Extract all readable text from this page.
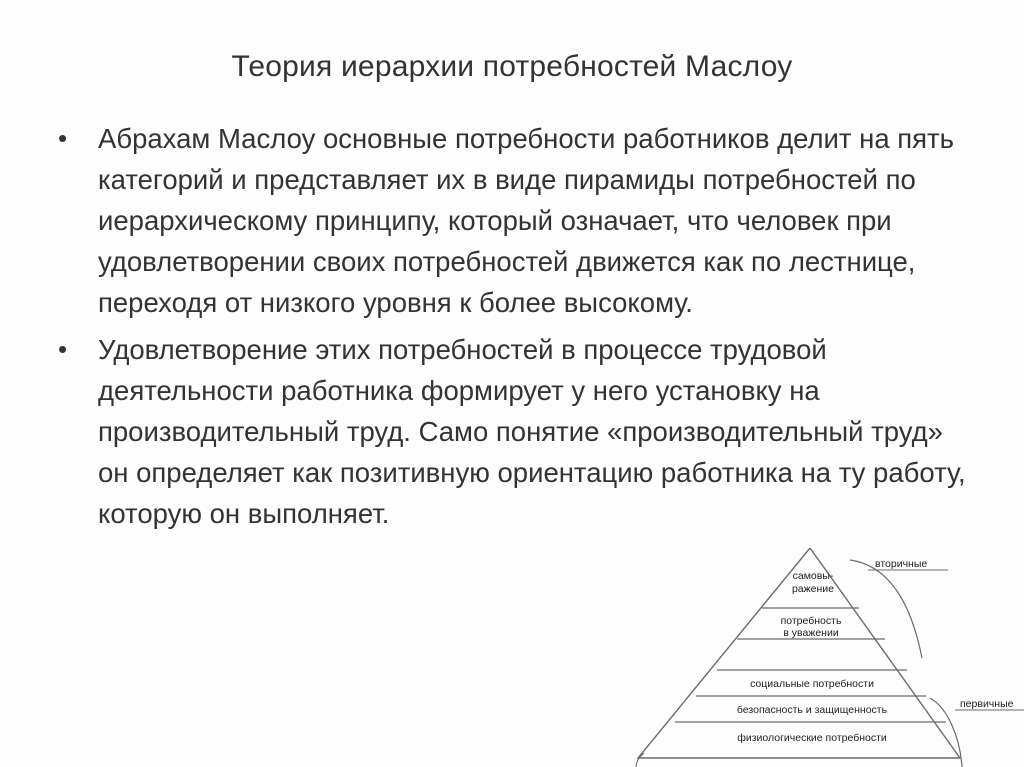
Теория иерархии потребностей Маслоу
•	Абрахам Маслоу основные потребности работников делит на пять категорий и представляет их в виде пирамиды потребностей по иерархическому принципу, который означает, что человек при удовлетворении своих потребностей движется как по лестнице, переходя от низкого уровня к более высокому.
•	Удовлетворение этих потребностей в процессе трудовой деятельности работника формирует у него установку на производительный труд. Само понятие «производительный труд» он определяет как позитивную ориентацию работника на ту работу, которую он выполняет.
самовы-
ражение
потребность
в уважении
социальные потребности
безопасность и защищенность
физиологические потребности
вторичные
первичные
